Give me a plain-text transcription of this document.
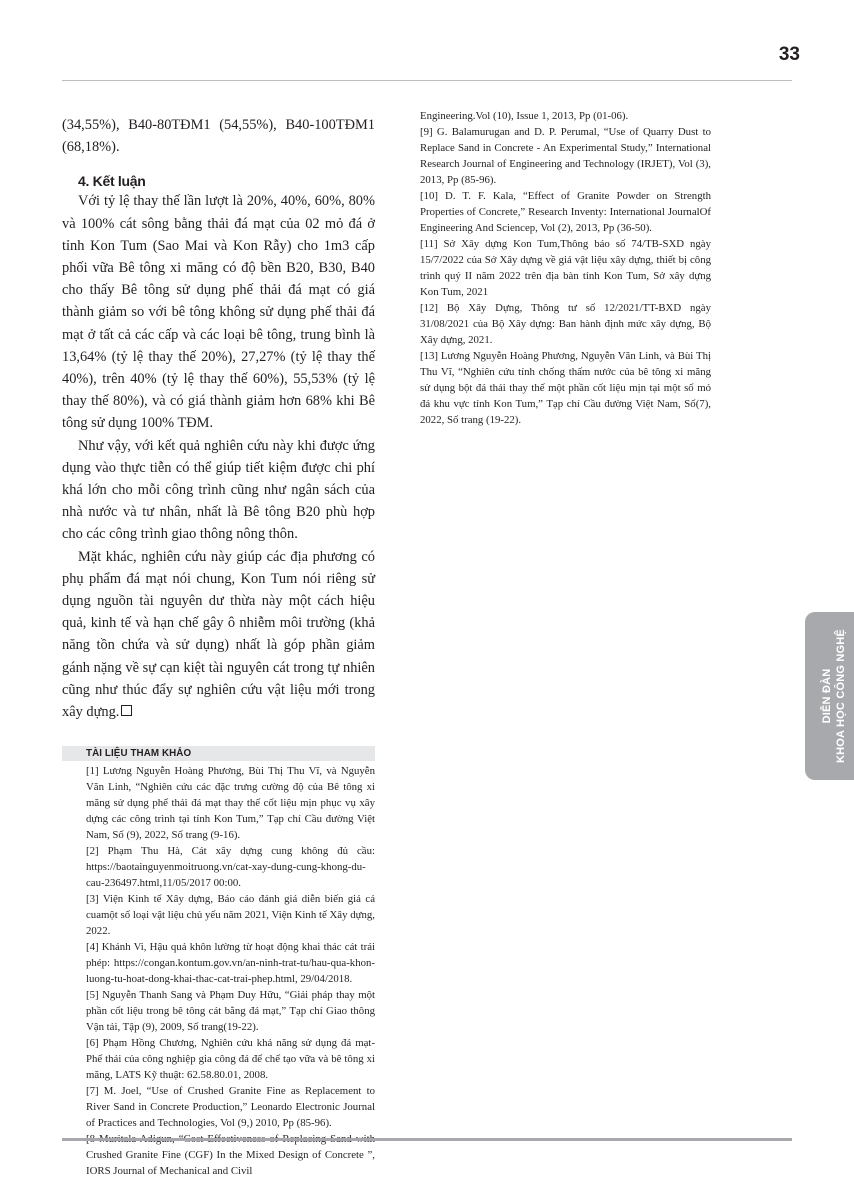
33

(34,55%), B40-80TĐM1 (54,55%), B40-100TĐM1 (68,18%).

4. Kết luận

Với tỷ lệ thay thế lần lượt là 20%, 40%, 60%, 80% và 100% cát sông bằng thải đá mạt của 02 mỏ đá ở tỉnh Kon Tum (Sao Mai và Kon Rẫy) cho 1m3 cấp phối vữa Bê tông xi măng có độ bền B20, B30, B40 cho thấy Bê tông sử dụng phế thải đá mạt có giá thành giảm so với bê tông không sử dụng phế thải đá mạt ở tất cả các cấp và các loại bê tông, trung bình là 13,64% (tỷ lệ thay thế 20%), 27,27% (tỷ lệ thay thế 40%), trên 40% (tỷ lệ thay thế 60%), 55,53% (tỷ lệ thay thế 80%), và có giá thành giảm hơn 68% khi Bê tông sử dụng 100% TĐM.

Như vậy, với kết quả nghiên cứu này khi được ứng dụng vào thực tiễn có thể giúp tiết kiệm được chi phí khá lớn cho mỗi công trình cũng như ngân sách của nhà nước và tư nhân, nhất là Bê tông B20 phù hợp cho các công trình giao thông nông thôn.

Mặt khác, nghiên cứu này giúp các địa phương có phụ phẩm đá mạt nói chung, Kon Tum nói riêng sử dụng nguồn tài nguyên dư thừa này một cách hiệu quả, kinh tế và hạn chế gây ô nhiễm môi trường (khả năng tồn chứa và sử dụng) nhất là góp phần giảm gánh nặng về sự cạn kiệt tài nguyên cát trong tự nhiên cũng như thúc đẩy sự nghiên cứu vật liệu mới trong xây dựng.

TÀI LIỆU THAM KHẢO
[1] Lương Nguyễn Hoàng Phương, Bùi Thị Thu Vĩ, và Nguyễn Văn Linh, “Nghiên cứu các đặc trưng cường độ của Bê tông xi măng sử dụng phế thải đá mạt thay thế cốt liệu mịn phục vụ xây dựng các công trình tại tỉnh Kon Tum,” Tạp chí Cầu đường Việt Nam, Số (9), 2022, Số trang (9-16).
[2] Phạm Thu Hà, Cát xây dựng cung không đủ cầu: https://baotainguyenmoitruong.vn/cat-xay-dung-cung-khong-du-cau-236497.html,11/05/2017 00:00.
[3] Viện Kinh tế Xây dựng, Báo cáo đánh giá diễn biến giá cả cuamột số loại vật liệu chủ yếu năm 2021, Viện Kinh tế Xây dựng, 2022.
[4] Khánh Vi, Hậu quả khôn lường từ hoạt động khai thác cát trái phép: https://congan.kontum.gov.vn/an-ninh-trat-tu/hau-qua-khon-luong-tu-hoat-dong-khai-thac-cat-trai-phep.html, 29/04/2018.
[5] Nguyễn Thanh Sang và Phạm Duy Hữu, “Giải pháp thay một phần cốt liệu trong bê tông cát bằng đá mạt,” Tạp chí Giao thông Vận tải, Tập (9), 2009, Số trang(19-22).
[6] Phạm Hồng Chương, Nghiên cứu khả năng sử dụng đá mạt-Phế thải của công nghiệp gia công đá để chế tạo vữa và bê tông xi măng, LATS Kỹ thuật: 62.58.80.01, 2008.
[7] M. Joel, “Use of Crushed Granite Fine as Replacement to River Sand in Concrete Production,” Leonardo Electronic Journal of Practices and Technologies, Vol (9,) 2010, Pp (85-96).
Crushed Granite Fine (CGF) In the Mixed Design of Concrete ”, IORS Journal of Mechanical and Civil
Engineering.Vol (10), Issue 1, 2013, Pp (01-06).
[9] G. Balamurugan and D. P. Perumal, “Use of Quarry Dust to Replace Sand in Concrete - An Experimental Study,” International Research Journal of Engineering and Technology (IRJET), Vol (3), 2013, Pp (85-96).
[10] D. T. F. Kala, “Effect of Granite Powder on Strength Properties of Concrete,” Research Inventy: International JournalOf Engineering And Sciencep, Vol (2), 2013, Pp (36-50).
[11] Sở Xây dựng Kon Tum,Thông báo số 74/TB-SXD ngày 15/7/2022 của Sở Xây dựng về giá vật liệu xây dựng, thiết bị công trình quý II năm 2022 trên địa bàn tỉnh Kon Tum, Sở xây dựng Kon Tum, 2021
[12] Bộ Xây Dựng, Thông tư số 12/2021/TT-BXD ngày 31/08/2021 của Bộ Xây dựng: Ban hành định mức xây dựng, Bộ Xây dựng, 2021.
[13] Lương Nguyễn Hoàng Phương, Nguyễn Văn Linh, và Bùi Thị Thu Vĩ, “Nghiên cứu tính chống thấm nước của bê tông xi măng sử dụng bột đá thải thay thế một phần cốt liệu mịn tại một số mỏ đá khu vực tỉnh Kon Tum,” Tạp chí Cầu đường Việt Nam, Số(7), 2022, Số trang (19-22).
DIỄN ĐÀN KHOA HỌC CÔNG NGHỆ
